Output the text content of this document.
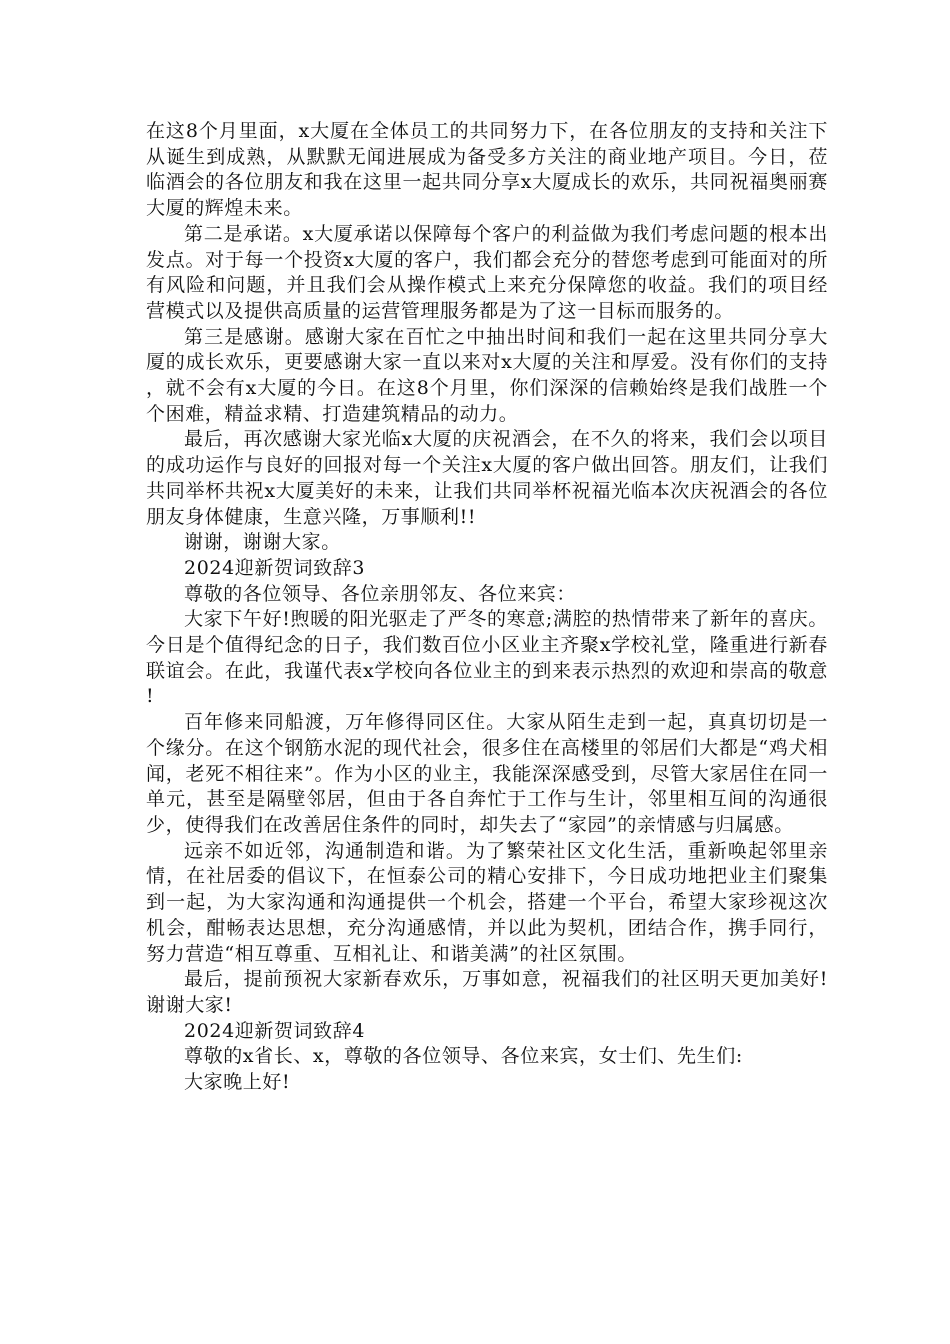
在这8个月里面，x大厦在全体员工的共同努力下，在各位朋友的支持和关注下从诞生到成熟，从默默无闻进展成为备受多方关注的商业地产项目。今日，莅临酒会的各位朋友和我在这里一起共同分享x大厦成长的欢乐，共同祝福奥丽赛大厦的辉煌未来。

第二是承诺。x大厦承诺以保障每个客户的利益做为我们考虑问题的根本出发点。对于每一个投资x大厦的客户，我们都会充分的替您考虑到可能面对的所有风险和问题，并且我们会从操作模式上来充分保障您的收益。我们的项目经营模式以及提供高质量的运营管理服务都是为了这一目标而服务的。

第三是感谢。感谢大家在百忙之中抽出时间和我们一起在这里共同分享大厦的成长欢乐，更要感谢大家一直以来对x大厦的关注和厚爱。没有你们的支持，就不会有x大厦的今日。在这8个月里，你们深深的信赖始终是我们战胜一个个困难，精益求精、打造建筑精品的动力。

最后，再次感谢大家光临x大厦的庆祝酒会，在不久的将来，我们会以项目的成功运作与良好的回报对每一个关注x大厦的客户做出回答。朋友们，让我们共同举杯共祝x大厦美好的未来，让我们共同举杯祝福光临本次庆祝酒会的各位朋友身体健康，生意兴隆，万事顺利!!

谢谢，谢谢大家。

2024迎新贺词致辞3

尊敬的各位领导、各位亲朋邻友、各位来宾：

大家下午好!煦暖的阳光驱走了严冬的寒意;满腔的热情带来了新年的喜庆。今日是个值得纪念的日子，我们数百位小区业主齐聚x学校礼堂，隆重进行新春联谊会。在此，我谨代表x学校向各位业主的到来表示热烈的欢迎和崇高的敬意!

百年修来同船渡，万年修得同区住。大家从陌生走到一起，真真切切是一个缘分。在这个钢筋水泥的现代社会，很多住在高楼里的邻居们大都是“鸡犬相闻，老死不相往来”。作为小区的业主，我能深深感受到，尽管大家居住在同一单元，甚至是隔壁邻居，但由于各自奔忙于工作与生计，邻里相互间的沟通很少，使得我们在改善居住条件的同时，却失去了“家园”的亲情感与归属感。

远亲不如近邻，沟通制造和谐。为了繁荣社区文化生活，重新唤起邻里亲情，在社居委的倡议下，在恒泰公司的精心安排下，今日成功地把业主们聚集到一起，为大家沟通和沟通提供一个机会，搭建一个平台，希望大家珍视这次机会，酣畅表达思想，充分沟通感情，并以此为契机，团结合作，携手同行，努力营造“相互尊重、互相礼让、和谐美满”的社区氛围。

最后，提前预祝大家新春欢乐，万事如意，祝福我们的社区明天更加美好!谢谢大家!

2024迎新贺词致辞4

尊敬的x省长、x，尊敬的各位领导、各位来宾，女士们、先生们:

大家晚上好!
